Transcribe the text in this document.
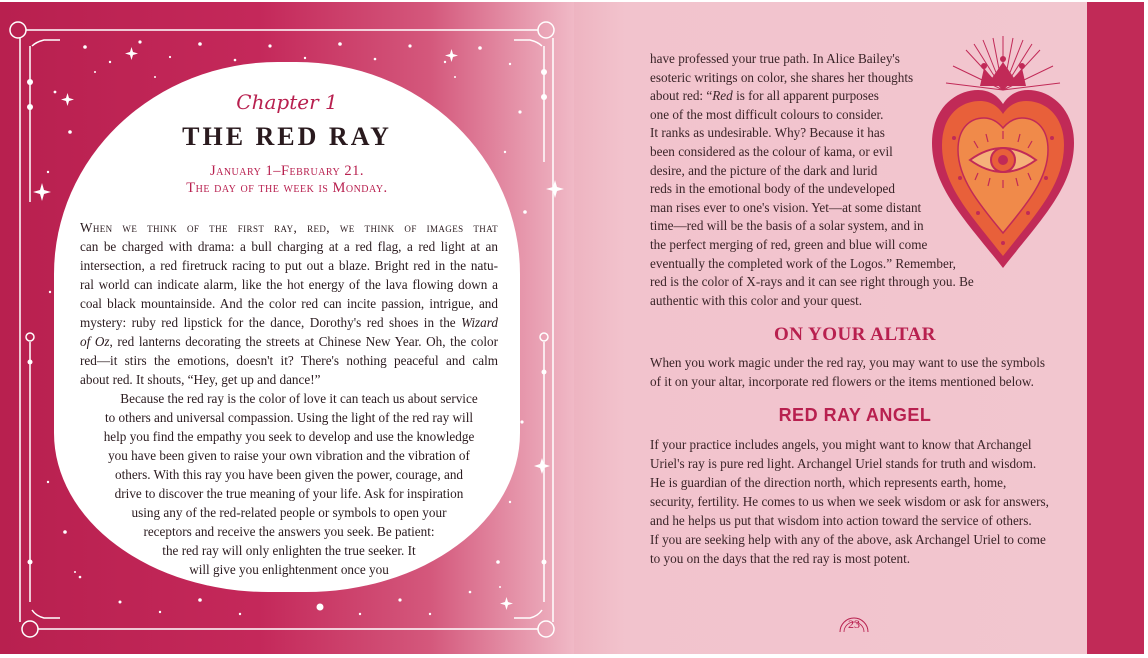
Chapter 1
THE RED RAY
January 1–February 21.
The day of the week is Monday.
When we think of the first ray, red, we think of images that
can be charged with drama: a bull charging at a red flag, a red light at an
intersection, a red firetruck racing to put out a blaze. Bright red in the natu-
ral world can indicate alarm, like the hot energy of the lava flowing down a
coal black mountainside. And the color red can incite passion, intrigue, and
mystery: ruby red lipstick for the dance, Dorothy's red shoes in the Wizard
of Oz, red lanterns decorating the streets at Chinese New Year. Oh, the color
red—it stirs the emotions, doesn't it? There's nothing peaceful and calm
about red. It shouts, “Hey, get up and dance!”
Because the red ray is the color of love it can teach us about service
to others and universal compassion. Using the light of the red ray will
help you find the empathy you seek to develop and use the knowledge
you have been given to raise your own vibration and the vibration of
others. With this ray you have been given the power, courage, and
drive to discover the true meaning of your life. Ask for inspiration
using any of the red-related people or symbols to open your
receptors and receive the answers you seek. Be patient:
the red ray will only enlighten the true seeker. It
will give you enlightenment once you
have professed your true path. In Alice Bailey's
esoteric writings on color, she shares her thoughts
about red: “Red is for all apparent purposes
one of the most difficult colours to consider.
It ranks as undesirable. Why? Because it has
been considered as the colour of kama, or evil
desire, and the picture of the dark and lurid
reds in the emotional body of the undeveloped
man rises ever to one's vision. Yet—at some distant
time—red will be the basis of a solar system, and in
the perfect merging of red, green and blue will come
eventually the completed work of the Logos.” Remember,
red is the color of X-rays and it can see right through you. Be
authentic with this color and your quest.
ON YOUR ALTAR
When you work magic under the red ray, you may want to use the symbols
of it on your altar, incorporate red flowers or the items mentioned below.
RED RAY ANGEL
If your practice includes angels, you might want to know that Archangel
Uriel's ray is pure red light. Archangel Uriel stands for truth and wisdom.
He is guardian of the direction north, which represents earth, home,
security, fertility. He comes to us when we seek wisdom or ask for answers,
and he helps us put that wisdom into action toward the service of others.
If you are seeking help with any of the above, ask Archangel Uriel to come
to you on the days that the red ray is most potent.
23
